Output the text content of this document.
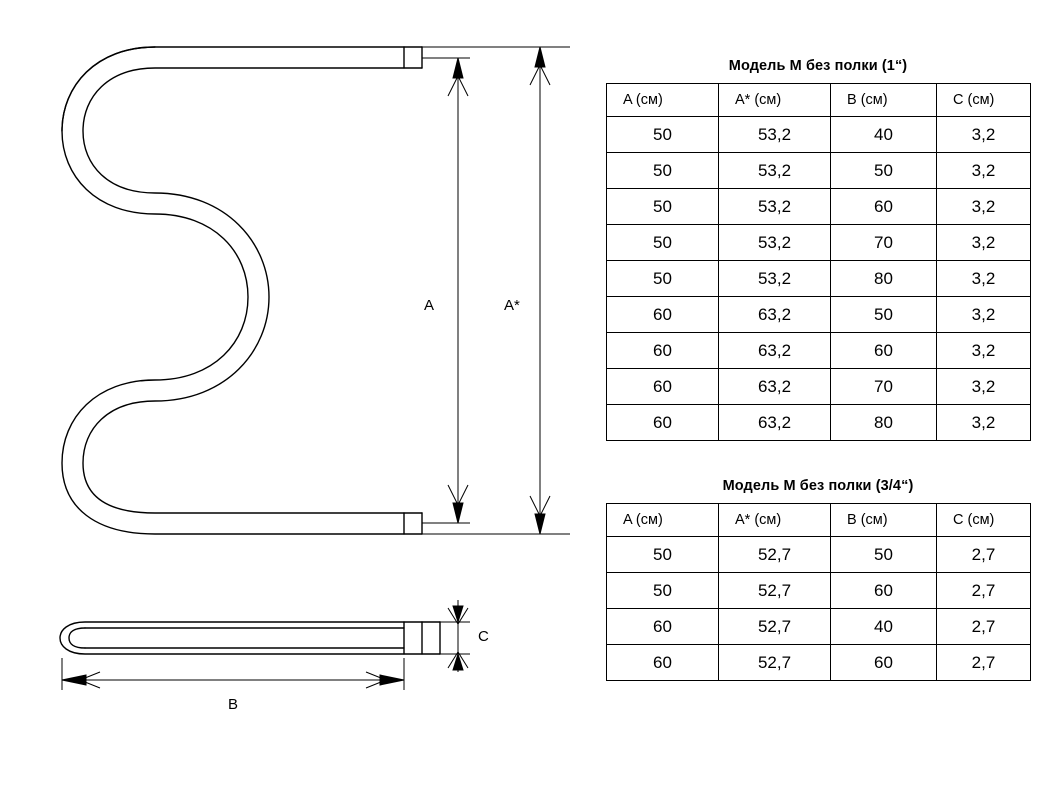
A	A*
B
C
Модель М без полки (1“)
A (см)	A* (см)	B (см)	C (см)
50	53,2	40	3,2
50	53,2	50	3,2
50	53,2	60	3,2
50	53,2	70	3,2
50	53,2	80	3,2
60	63,2	50	3,2
60	63,2	60	3,2
60	63,2	70	3,2
60	63,2	80	3,2
Модель М без полки (3/4“)
A (см)	A* (см)	B (см)	C (см)
50	52,7	50	2,7
50	52,7	60	2,7
60	52,7	40	2,7
60	52,7	60	2,7
